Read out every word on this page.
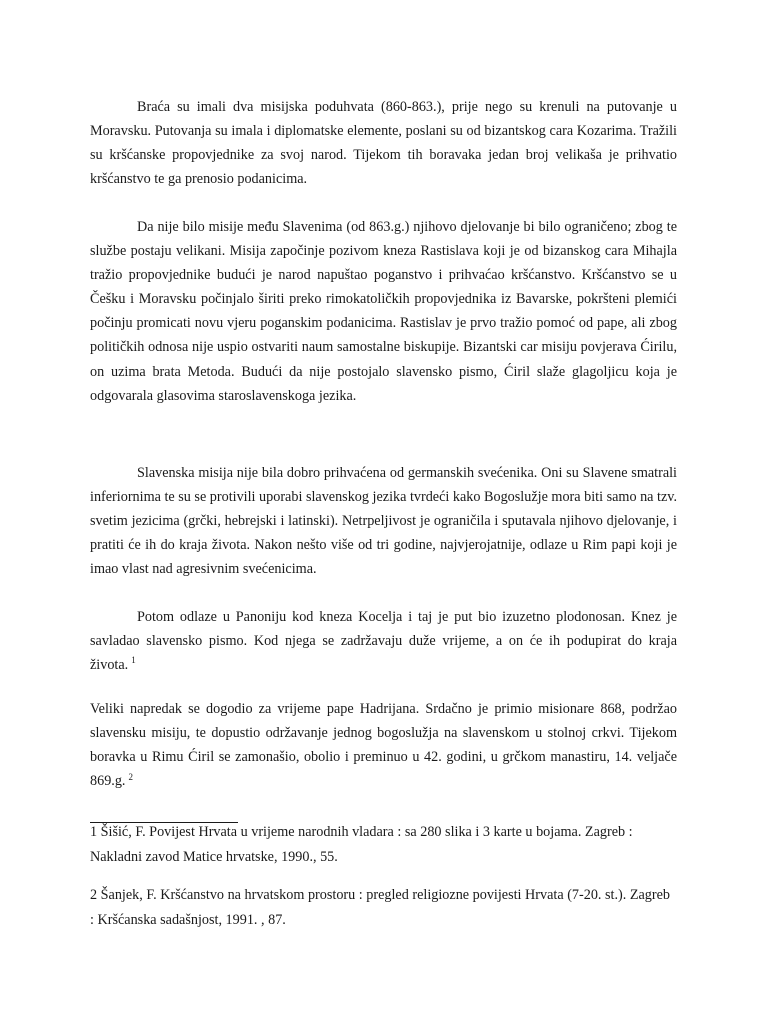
Braća su imali dva misijska poduhvata (860-863.), prije nego su krenuli na putovanje u Moravsku. Putovanja su imala i diplomatske elemente, poslani su od bizantskog cara Kozarima. Tražili su kršćanske propovjednike za svoj narod. Tijekom tih boravaka jedan broj velikaša je prihvatio kršćanstvo te ga prenosio podanicima.

Da nije bilo misije među Slavenima (od 863.g.) njihovo djelovanje bi bilo ograničeno; zbog te službe postaju velikani. Misija započinje pozivom kneza Rastislava koji je od bizanskog cara Mihajla tražio propovjednike budući je narod napuštao poganstvo i prihvaćao kršćanstvo. Kršćanstvo se u Češku i Moravsku počinjalo širiti preko rimokatoličkih propovjednika iz Bavarske, pokršteni plemići počinju promicati novu vjeru poganskim podanicima. Rastislav je prvo tražio pomoć od pape, ali zbog političkih odnosa nije uspio ostvariti naum samostalne biskupije. Bizantski car misiju povjerava Ćirilu, on uzima brata Metoda. Budući da nije postojalo slavensko pismo, Ćiril slaže glagoljicu koja je odgovarala glasovima staroslavenskoga jezika.

Slavenska misija nije bila dobro prihvaćena od germanskih svećenika. Oni su Slavene smatrali inferiornima te su se protivili uporabi slavenskog jezika tvrdeći kako Bogoslužje mora biti samo na tzv. svetim jezicima (grčki, hebrejski i latinski). Netrpeljivost je ograničila i sputavala njihovo djelovanje, i pratiti će ih do kraja života. Nakon nešto više od tri godine, najvjerojatnije, odlaze u Rim papi koji je imao vlast nad agresivnim svećenicima.

Potom odlaze u Panoniju kod kneza Kocelja i taj je put bio izuzetno plodonosan. Knez je savladao slavensko pismo. Kod njega se zadržavaju duže vrijeme, a on će ih podupirat do kraja života. $^1$

Veliki napredak se dogodio za vrijeme pape Hadrijana. Srdačno je primio misionare 868, podržao slavensku misiju, te dopustio održavanje jednog bogoslužja na slavenskom u stolnoj crkvi. Tijekom boravka u Rimu Ćiril se zamonašio, obolio i preminuo u 42. godini, u grčkom manastiru, 14. veljače 869.g. $^2$

1 Šišić, F. Povijest Hrvata u vrijeme narodnih vladara : sa 280 slika i 3 karte u bojama. Zagreb : Nakladni zavod Matice hrvatske, 1990., 55.

2 Šanjek, F. Kršćanstvo na hrvatskom prostoru : pregled religiozne povijesti Hrvata (7-20. st.). Zagreb : Kršćanska sadašnjost, 1991. , 87.
